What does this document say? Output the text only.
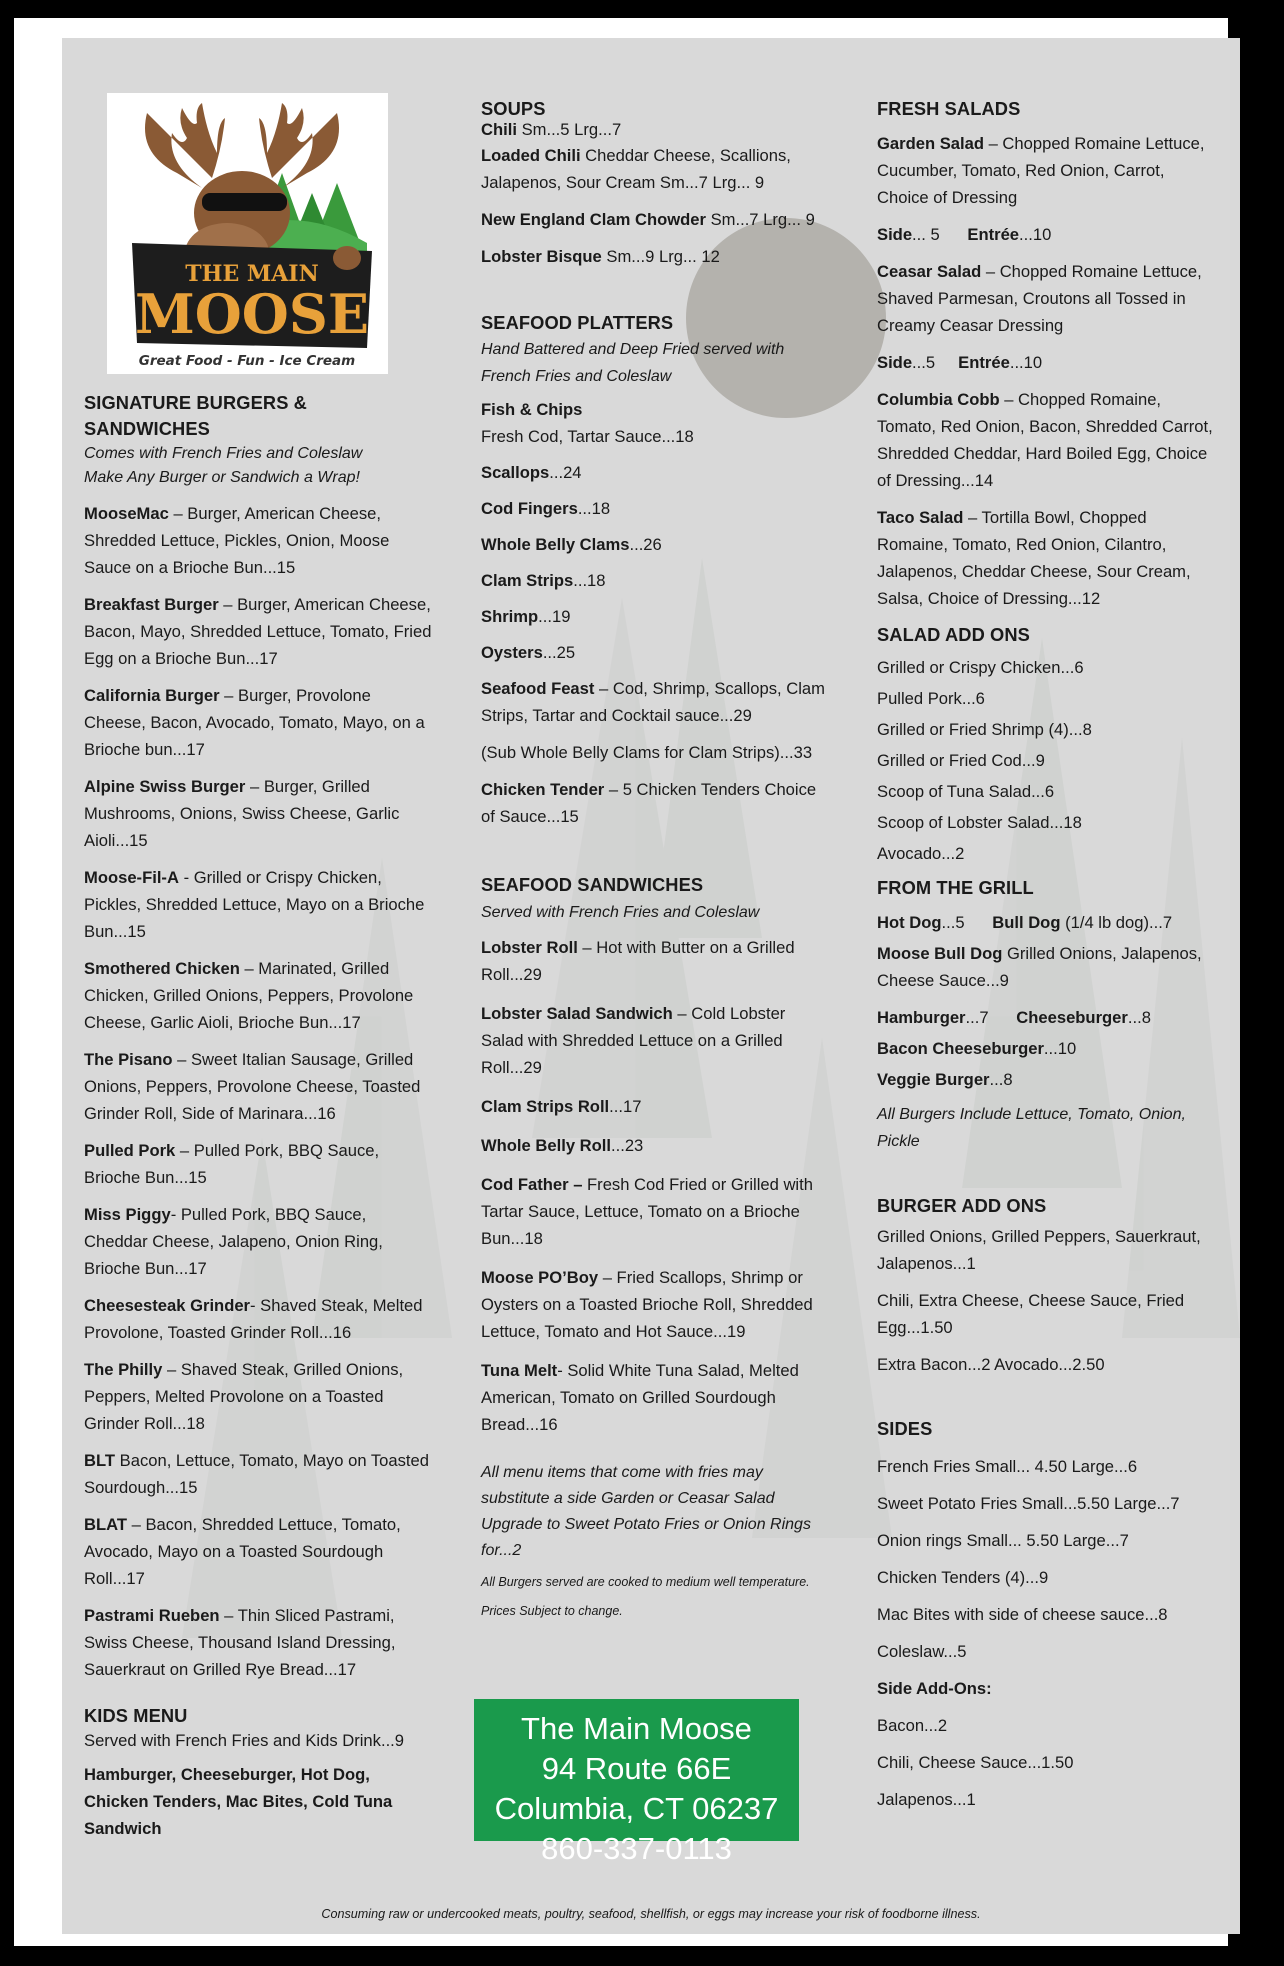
THE MAIN
MOOSE
Great Food - Fun - Ice Cream
SIGNATURE BURGERS & SANDWICHES
Comes with French Fries and Coleslaw
Make Any Burger or Sandwich a Wrap!
MooseMac – Burger, American Cheese, Shredded Lettuce, Pickles, Onion, Moose Sauce on a Brioche Bun...15
Breakfast Burger – Burger, American Cheese, Bacon, Mayo, Shredded Lettuce, Tomato, Fried Egg on a Brioche Bun...17
California Burger – Burger, Provolone Cheese, Bacon, Avocado, Tomato, Mayo, on a Brioche bun...17
Alpine Swiss Burger – Burger, Grilled Mushrooms, Onions, Swiss Cheese, Garlic Aioli...15
Moose-Fil-A - Grilled or Crispy Chicken, Pickles, Shredded Lettuce, Mayo on a Brioche Bun...15
Smothered Chicken – Marinated, Grilled Chicken, Grilled Onions, Peppers, Provolone Cheese, Garlic Aioli, Brioche Bun...17
The Pisano – Sweet Italian Sausage, Grilled Onions, Peppers, Provolone Cheese, Toasted Grinder Roll, Side of Marinara...16
Pulled Pork – Pulled Pork, BBQ Sauce, Brioche Bun...15
Miss Piggy- Pulled Pork, BBQ Sauce, Cheddar Cheese, Jalapeno, Onion Ring, Brioche Bun...17
Cheesesteak Grinder- Shaved Steak, Melted Provolone, Toasted Grinder Roll...16
The Philly – Shaved Steak, Grilled Onions, Peppers, Melted Provolone on a Toasted Grinder Roll...18
BLT Bacon, Lettuce, Tomato, Mayo on Toasted Sourdough...15
BLAT – Bacon, Shredded Lettuce, Tomato, Avocado, Mayo on a Toasted Sourdough Roll...17
Pastrami Rueben – Thin Sliced Pastrami, Swiss Cheese, Thousand Island Dressing, Sauerkraut on Grilled Rye Bread...17
KIDS MENU
Served with French Fries and Kids Drink...9
Hamburger, Cheeseburger, Hot Dog, Chicken Tenders, Mac Bites, Cold Tuna Sandwich
SOUPS
Chili Sm...5 Lrg...7
Loaded Chili Cheddar Cheese, Scallions, Jalapenos, Sour Cream Sm...7 Lrg... 9
New England Clam Chowder Sm...7 Lrg... 9
Lobster Bisque Sm...9 Lrg... 12
SEAFOOD PLATTERS
Hand Battered and Deep Fried served with French Fries and Coleslaw
Fish & Chips
Fresh Cod, Tartar Sauce...18
Scallops...24
Cod Fingers...18
Whole Belly Clams...26
Clam Strips...18
Shrimp...19
Oysters...25
Seafood Feast – Cod, Shrimp, Scallops, Clam Strips, Tartar and Cocktail sauce...29
(Sub Whole Belly Clams for Clam Strips)...33
Chicken Tender – 5 Chicken Tenders Choice of Sauce...15
SEAFOOD SANDWICHES
Served with French Fries and Coleslaw
Lobster Roll – Hot with Butter on a Grilled Roll...29
Lobster Salad Sandwich – Cold Lobster Salad with Shredded Lettuce on a Grilled Roll...29
Clam Strips Roll...17
Whole Belly Roll...23
Cod Father – Fresh Cod Fried or Grilled with Tartar Sauce, Lettuce, Tomato on a Brioche Bun...18
Moose PO’Boy – Fried Scallops, Shrimp or Oysters on a Toasted Brioche Roll, Shredded Lettuce, Tomato and Hot Sauce...19
Tuna Melt- Solid White Tuna Salad, Melted American, Tomato on Grilled Sourdough Bread...16
All menu items that come with fries may substitute a side Garden or Ceasar Salad Upgrade to Sweet Potato Fries or Onion Rings for...2
All Burgers served are cooked to medium well temperature.
Prices Subject to change.
The Main Moose
94 Route 66E
Columbia, CT 06237
860-337-0113
FRESH SALADS
Garden Salad – Chopped Romaine Lettuce, Cucumber, Tomato, Red Onion, Carrot, Choice of Dressing
Side... 5 Entrée...10
Ceasar Salad – Chopped Romaine Lettuce, Shaved Parmesan, Croutons all Tossed in Creamy Ceasar Dressing
Side...5 Entrée...10
Columbia Cobb – Chopped Romaine, Tomato, Red Onion, Bacon, Shredded Carrot, Shredded Cheddar, Hard Boiled Egg, Choice of Dressing...14
Taco Salad – Tortilla Bowl, Chopped Romaine, Tomato, Red Onion, Cilantro, Jalapenos, Cheddar Cheese, Sour Cream, Salsa, Choice of Dressing...12
SALAD ADD ONS
Grilled or Crispy Chicken...6
Pulled Pork...6
Grilled or Fried Shrimp (4)...8
Grilled or Fried Cod...9
Scoop of Tuna Salad...6
Scoop of Lobster Salad...18
Avocado...2
FROM THE GRILL
Hot Dog...5 Bull Dog (1/4 lb dog)...7
Moose Bull Dog Grilled Onions, Jalapenos, Cheese Sauce...9
Hamburger...7 Cheeseburger...8
Bacon Cheeseburger...10
Veggie Burger...8
All Burgers Include Lettuce, Tomato, Onion, Pickle
BURGER ADD ONS
Grilled Onions, Grilled Peppers, Sauerkraut, Jalapenos...1
Chili, Extra Cheese, Cheese Sauce, Fried Egg...1.50
Extra Bacon...2 Avocado...2.50
SIDES
French Fries Small... 4.50 Large...6
Sweet Potato Fries Small...5.50 Large...7
Onion rings Small... 5.50 Large...7
Chicken Tenders (4)...9
Mac Bites with side of cheese sauce...8
Coleslaw...5
Side Add-Ons:
Bacon...2
Chili, Cheese Sauce...1.50
Jalapenos...1
Consuming raw or undercooked meats, poultry, seafood, shellfish, or eggs may increase your risk of foodborne illness.
